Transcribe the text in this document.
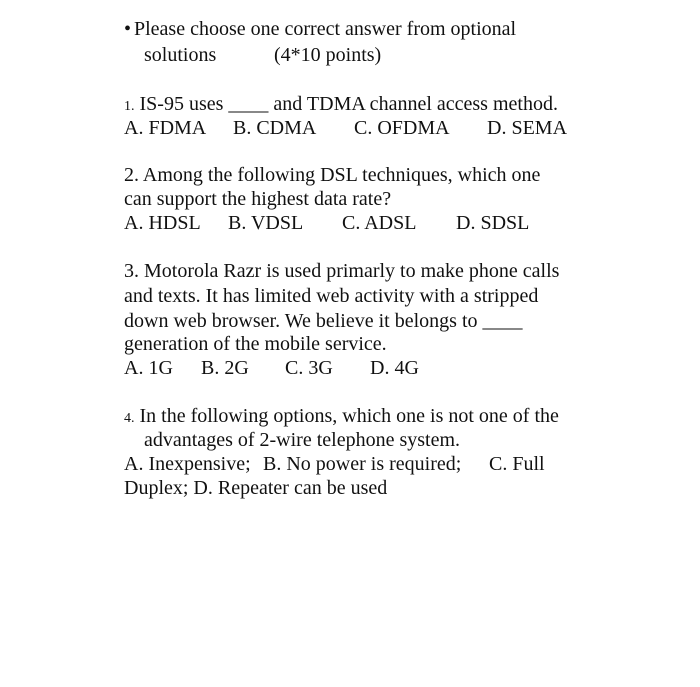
• Please choose one correct answer from optional
solutions	(4*10 points)
1. IS-95 uses ____ and TDMA channel access method.
A. FDMA B. CDMA C. OFDMA D. SEMA
2. Among the following DSL techniques, which one
can support the highest data rate?
A. HDSL B. VDSL C. ADSL D. SDSL
3. Motorola Razr is used primarly to make phone calls
and texts. It has limited web activity with a stripped
down web browser. We believe it belongs to ____
generation of the mobile service.
A. 1G B. 2G C. 3G D. 4G
4. In the following options, which one is not one of the
advantages of 2-wire telephone system.
A. Inexpensive; B. No power is required; C. Full
Duplex; D. Repeater can be used
